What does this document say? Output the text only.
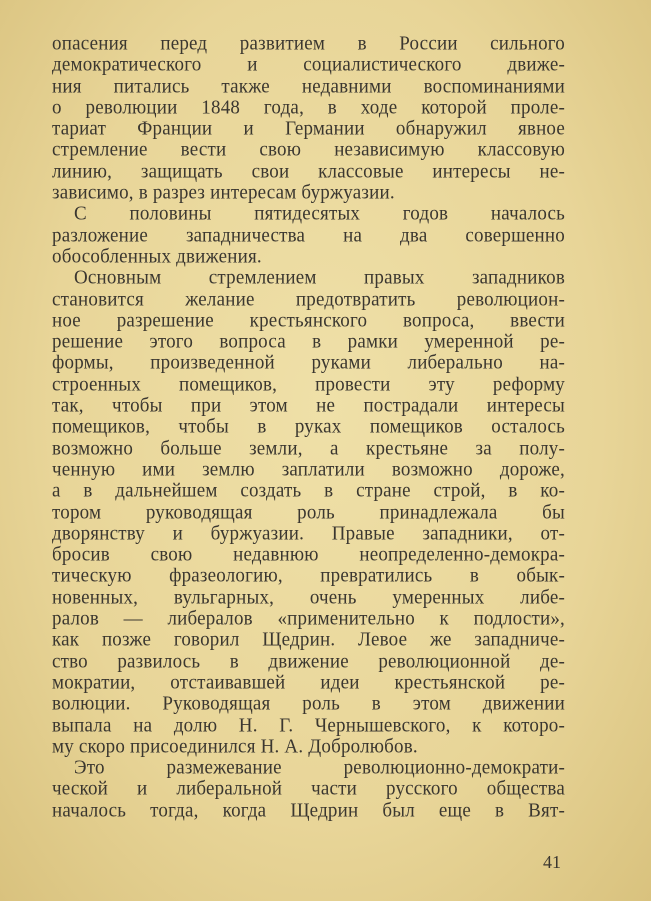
опасения перед развитием в России сильного
демократического и социалистического движе-
ния питались также недавними воспоминаниями
о революции 1848 года, в ходе которой проле-
тариат Франции и Германии обнаружил явное
стремление вести свою независимую классовую
линию, защищать свои классовые интересы не-
зависимо, в разрез интересам буржуазии.
С половины пятидесятых годов началось
разложение западничества на два совершенно
обособленных движения.
Основным стремлением правых западников
становится желание предотвратить революцион-
ное разрешение крестьянского вопроса, ввести
решение этого вопроса в рамки умеренной ре-
формы, произведенной руками либерально на-
строенных помещиков, провести эту реформу
так, чтобы при этом не пострадали интересы
помещиков, чтобы в руках помещиков осталось
возможно больше земли, а крестьяне за полу-
ченную ими землю заплатили возможно дороже,
а в дальнейшем создать в стране строй, в ко-
тором руководящая роль принадлежала бы
дворянству и буржуазии. Правые западники, от-
бросив свою недавнюю неопределенно-демокра-
тическую фразеологию, превратились в обык-
новенных, вульгарных, очень умеренных либе-
ралов — либералов «применительно к подлости»,
как позже говорил Щедрин. Левое же западниче-
ство развилось в движение революционной де-
мократии, отстаивавшей идеи крестьянской ре-
волюции. Руководящая роль в этом движении
выпала на долю Н. Г. Чернышевского, к которо-
му скоро присоединился Н. А. Добролюбов.
Это размежевание революционно-демократи-
ческой и либеральной части русского общества
началось тогда, когда Щедрин был еще в Вят-
41
